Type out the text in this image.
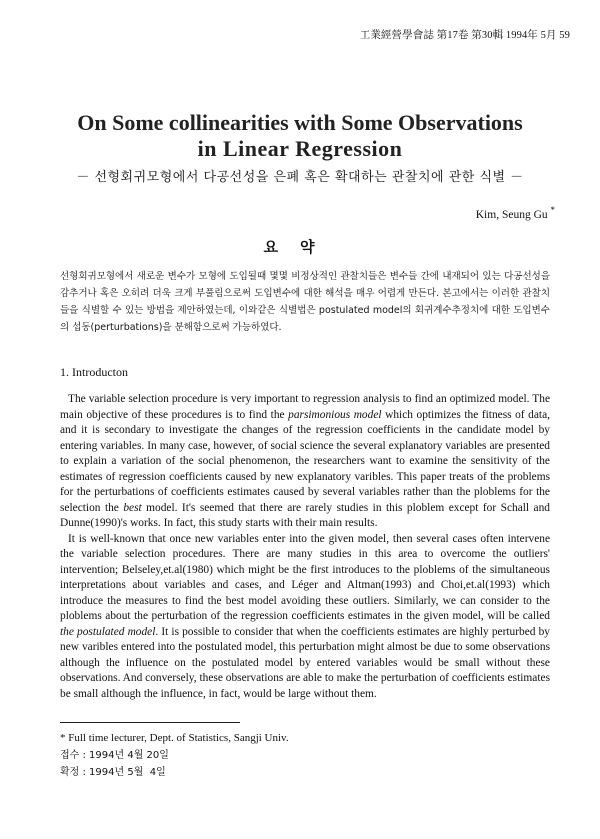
工業經營學會誌 第17卷 第30輯 1994年 5月 59
On Some collinearities with Some Observations
in Linear Regression
－ 선형회귀모형에서 다공선성을 은폐 혹은 확대하는 관찰치에 관한 식별 －
Kim, Seung Gu *
요약
선형회귀모형에서 새로운 변수가 모형에 도입될때 몇몇 비정상적인 관찰치들은 변수들 간에 내재되어 있는 다공선성을 감추거나 혹은 오히려 더욱 크게 부풀림으로써 도입변수에 대한 해석을 매우 어렵게 만든다. 본고에서는 이러한 관찰치들을 식별할 수 있는 방법을 제안하였는데, 이와같은 식별법은 postulated model의 회귀계수추정치에 대한 도입변수의 섭동(perturbations)을 분해함으로써 가능하였다.
1. Introducton

The variable selection procedure is very important to regression analysis to find an optimized model. The main objective of these procedures is to find the parsimonious model which optimizes the fitness of data, and it is secondary to investigate the changes of the regression coefficients in the candidate model by entering variables. In many case, however, of social science the several explanatory variables are presented to explain a variation of the social phenomenon, the researchers want to examine the sensitivity of the estimates of regression coefficients caused by new explanatory varibles. This paper treats of the problems for the perturbations of coefficients estimates caused by several variables rather than the ploblems for the selection the best model. It's seemed that there are rarely studies in this ploblem except for Schall and Dunne(1990)'s works. In fact, this study starts with their main results.

It is well-known that once new variables enter into the given model, then several cases often intervene the variable selection procedures. There are many studies in this area to overcome the outliers' intervention; Belseley,et.al(1980) which might be the first introduces to the ploblems of the simultaneous interpretations about variables and cases, and Léger and Altman(1993) and Choi,et.al(1993) which introduce the measures to find the best model avoiding these outliers. Similarly, we can consider to the ploblems about the perturbation of the regression coefficients estimates in the given model, will be called the postulated model. It is possible to consider that when the coefficients estimates are highly perturbed by new varibles entered into the postulated model, this perturbation might almost be due to some observations although the influence on the postulated model by entered variables would be small without these observations. And conversely, these observations are able to make the perturbation of coefficients estimates be small although the influence, in fact, would be large without them.

* Full time lecturer, Dept. of Statistics, Sangji Univ.
접수 : 1994년 4월 20일
확정 : 1994년 5월  4일
